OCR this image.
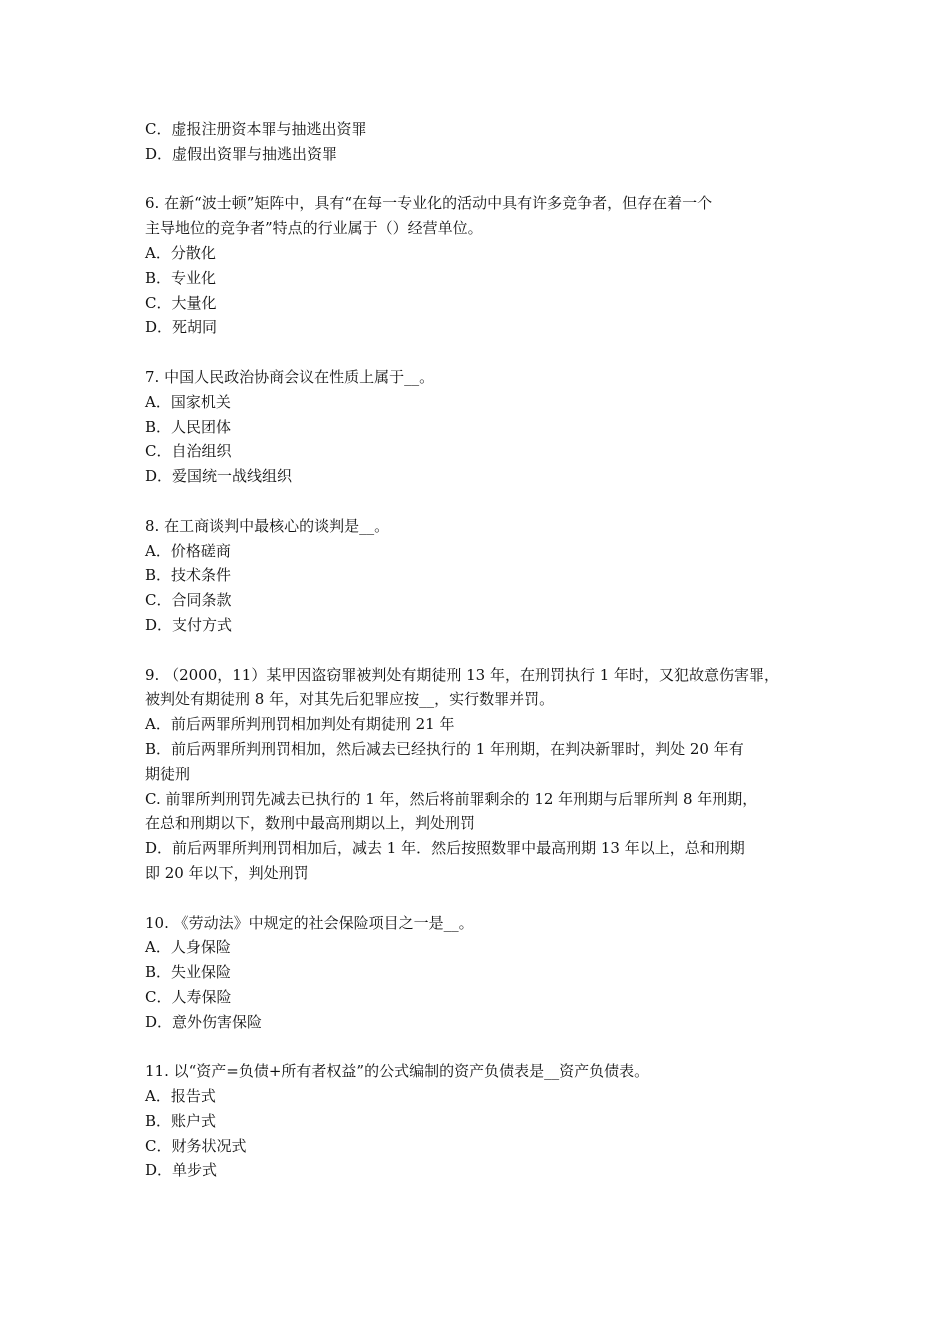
C．虚报注册资本罪与抽逃出资罪
D．虚假出资罪与抽逃出资罪
6. 在新“波士顿”矩阵中，具有“在每一专业化的活动中具有许多竞争者，但存在着一个
主导地位的竞争者”特点的行业属于（）经营单位。
A．分散化
B．专业化
C．大量化
D．死胡同
7. 中国人民政治协商会议在性质上属于__。
A．国家机关
B．人民团体
C．自治组织
D．爱国统一战线组织
8. 在工商谈判中最核心的谈判是__。
A．价格磋商
B．技术条件
C．合同条款
D．支付方式
9. （2000，11）某甲因盗窃罪被判处有期徒刑 13 年，在刑罚执行 1 年时，又犯故意伤害罪，
被判处有期徒刑 8 年，对其先后犯罪应按__，实行数罪并罚。
A．前后两罪所判刑罚相加判处有期徒刑 21 年
B．前后两罪所判刑罚相加，然后减去已经执行的 1 年刑期，在判决新罪时，判处 20 年有
期徒刑
C. 前罪所判刑罚先减去已执行的 1 年，然后将前罪剩余的 12 年刑期与后罪所判 8 年刑期，
在总和刑期以下，数刑中最高刑期以上，判处刑罚
D．前后两罪所判刑罚相加后，减去 1 年．然后按照数罪中最高刑期 13 年以上，总和刑期
即 20 年以下，判处刑罚
10. 《劳动法》中规定的社会保险项目之一是__。
A．人身保险
B．失业保险
C．人寿保险
D．意外伤害保险
11. 以“资产=负债+所有者权益”的公式编制的资产负债表是__资产负债表。
A．报告式
B．账户式
C．财务状况式
D．单步式
